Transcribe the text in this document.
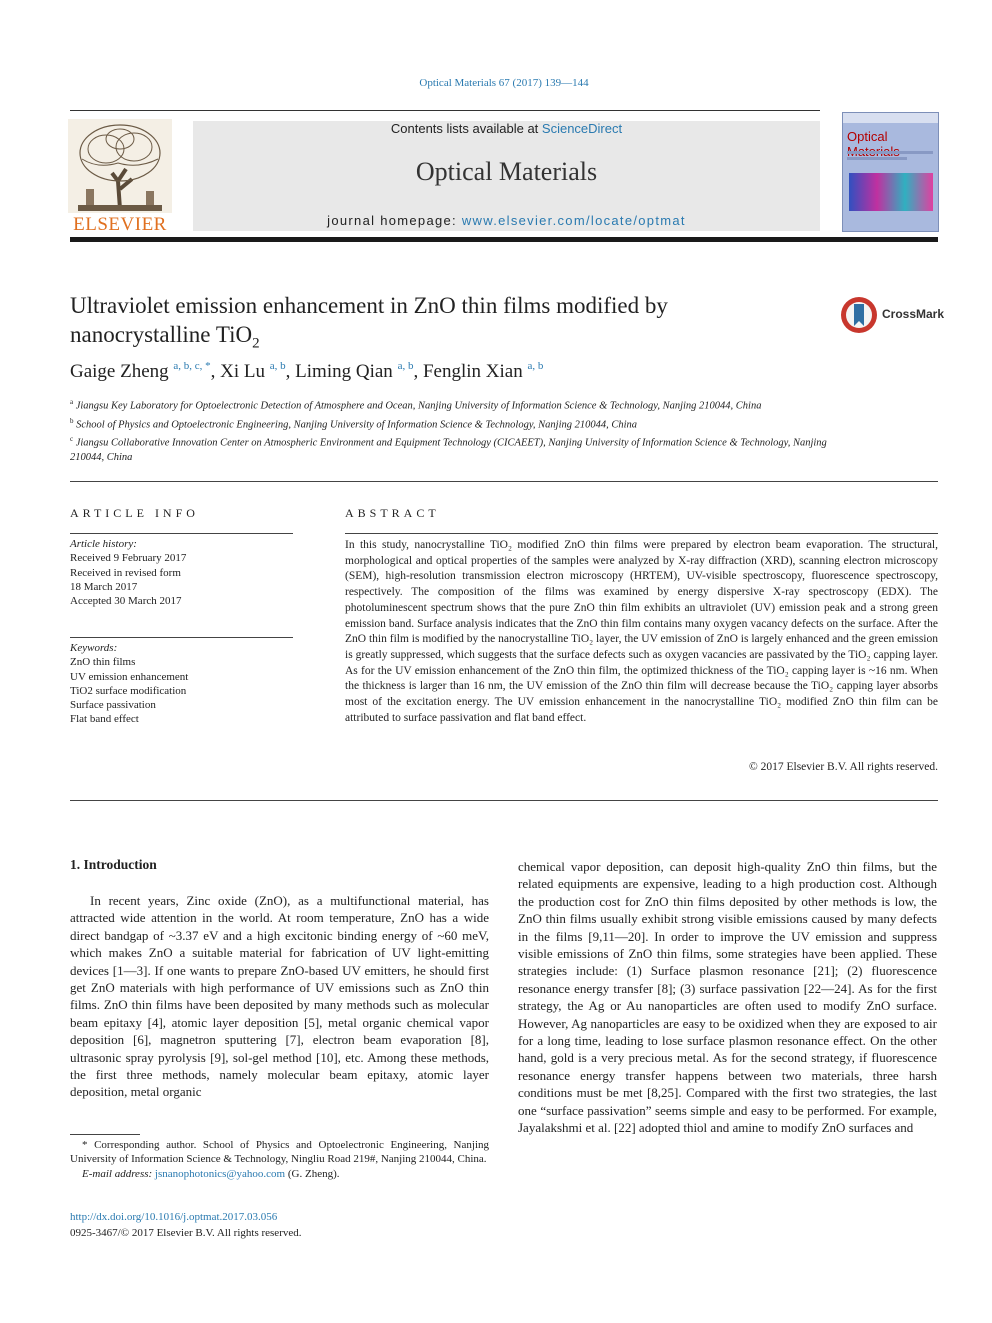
Optical Materials 67 (2017) 139—144
ELSEVIER
Contents lists available at ScienceDirect
Optical Materials
journal homepage: www.elsevier.com/locate/optmat
Optical
Ultraviolet emission enhancement in ZnO thin films modified by
nanocrystalline TiO$_2$
CrossMark
Gaige Zheng $^{a, b, c, *}$, Xi Lu $^{a, b}$, Liming Qian $^{a, b}$, Fenglin Xian $^{a, b}$

$^a$ Jiangsu Key Laboratory for Optoelectronic Detection of Atmosphere and Ocean, Nanjing University of Information Science & Technology, Nanjing 210044, China

$^b$ School of Physics and Optoelectronic Engineering, Nanjing University of Information Science & Technology, Nanjing 210044, China

$^c$ Jiangsu Collaborative Innovation Center on Atmospheric Environment and Equipment Technology (CICAEET), Nanjing University of Information Science & Technology, Nanjing 210044, China

ARTICLE INFO
Article history:
Received 9 February 2017
Received in revised form
18 March 2017
Accepted 30 March 2017
Keywords:
ZnO thin films
UV emission enhancement
TiO2 surface modification
Surface passivation
Flat band effect
ABSTRACT
In this study, nanocrystalline TiO₂ modified ZnO thin films were prepared by electron beam evaporation. The structural, morphological and optical properties of the samples were analyzed by X-ray diffraction (XRD), scanning electron microscopy (SEM), high-resolution transmission electron microscopy (HRTEM), UV-visible spectroscopy, fluorescence spectroscopy, respectively. The composition of the films was examined by energy dispersive X-ray spectroscopy (EDX). The photoluminescent spectrum shows that the pure ZnO thin film exhibits an ultraviolet (UV) emission peak and a strong green emission band. Surface analysis indicates that the ZnO thin film contains many oxygen vacancy defects on the surface. After the ZnO thin film is modified by the nanocrystalline TiO₂ layer, the UV emission of ZnO is largely enhanced and the green emission is greatly suppressed, which suggests that the surface defects such as oxygen vacancies are passivated by the TiO₂ capping layer. As for the UV emission enhancement of the ZnO thin film, the optimized thickness of the TiO₂ capping layer is ~16 nm. When the thickness is larger than 16 nm, the UV emission of the ZnO thin film will decrease because the TiO₂ capping layer absorbs most of the excitation energy. The UV emission enhancement in the nanocrystalline TiO₂ modified ZnO thin film can be attributed to surface passivation and flat band effect.
© 2017 Elsevier B.V. All rights reserved.
1. Introduction

In recent years, Zinc oxide (ZnO), as a multifunctional material, has attracted wide attention in the world. At room temperature, ZnO has a wide direct bandgap of ~3.37 eV and a high excitonic binding energy of ~60 meV, which makes ZnO a suitable material for fabrication of UV light-emitting devices [1—3]. If one wants to prepare ZnO-based UV emitters, he should first get ZnO materials with high performance of UV emissions such as ZnO thin films. ZnO thin films have been deposited by many methods such as molecular beam epitaxy [4], atomic layer deposition [5], metal organic chemical vapor deposition [6], magnetron sputtering [7], electron beam evaporation [8], ultrasonic spray pyrolysis [9], sol-gel method [10], etc. Among these methods, the first three methods, namely molecular beam epitaxy, atomic layer deposition, metal organic

chemical vapor deposition, can deposit high-quality ZnO thin films, but the related equipments are expensive, leading to a high production cost. Although the production cost for ZnO thin films deposited by other methods is low, the ZnO thin films usually exhibit strong visible emissions caused by many defects in the films [9,11—20]. In order to improve the UV emission and suppress visible emissions of ZnO thin films, some strategies have been applied. These strategies include: (1) Surface plasmon resonance [21]; (2) fluorescence resonance energy transfer [8]; (3) surface passivation [22—24]. As for the first strategy, the Ag or Au nanoparticles are often used to modify ZnO surface. However, Ag nanoparticles are easy to be oxidized when they are exposed to air for a long time, leading to lose surface plasmon resonance effect. On the other hand, gold is a very precious metal. As for the second strategy, if fluorescence resonance energy transfer happens between two materials, three harsh conditions must be met [8,25]. Compared with the first two strategies, the last one “surface passivation” seems simple and easy to be performed. For example, Jayalakshmi et al. [22] adopted thiol and amine to modify ZnO surfaces and

* Corresponding author. School of Physics and Optoelectronic Engineering, Nanjing University of Information Science & Technology, Ningliu Road 219#, Nanjing 210044, China.

E-mail address: jsnanophotonics@yahoo.com (G. Zheng).

http://dx.doi.org/10.1016/j.optmat.2017.03.056
0925-3467/© 2017 Elsevier B.V. All rights reserved.
